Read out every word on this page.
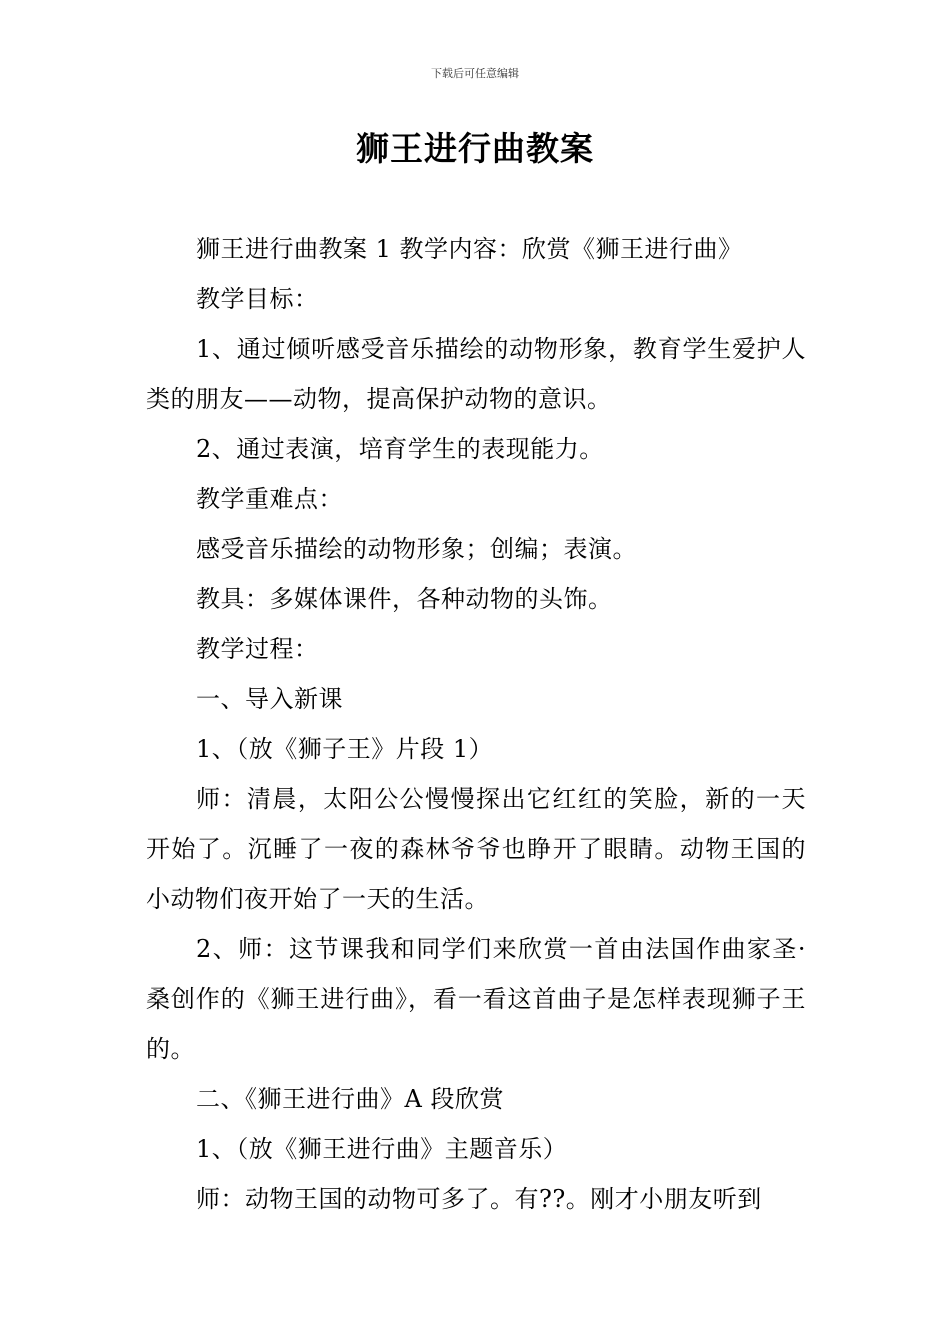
下载后可任意编辑
狮王进行曲教案

狮王进行曲教案 1 教学内容：欣赏《狮王进行曲》

教学目标：

1、通过倾听感受音乐描绘的动物形象，教育学生爱护人类的朋友——动物，提高保护动物的意识。

2、通过表演，培育学生的表现能力。

教学重难点：

感受音乐描绘的动物形象；创编；表演。

教具：多媒体课件，各种动物的头饰。

教学过程：

一、导入新课

1、（放《狮子王》片段 1）

师：清晨，太阳公公慢慢探出它红红的笑脸，新的一天开始了。沉睡了一夜的森林爷爷也睁开了眼睛。动物王国的小动物们夜开始了一天的生活。

2、师：这节课我和同学们来欣赏一首由法国作曲家圣·桑创作的《狮王进行曲》，看一看这首曲子是怎样表现狮子王的。

二、《狮王进行曲》A 段欣赏

1、（放《狮王进行曲》主题音乐）

师：动物王国的动物可多了。有??。刚才小朋友听到
